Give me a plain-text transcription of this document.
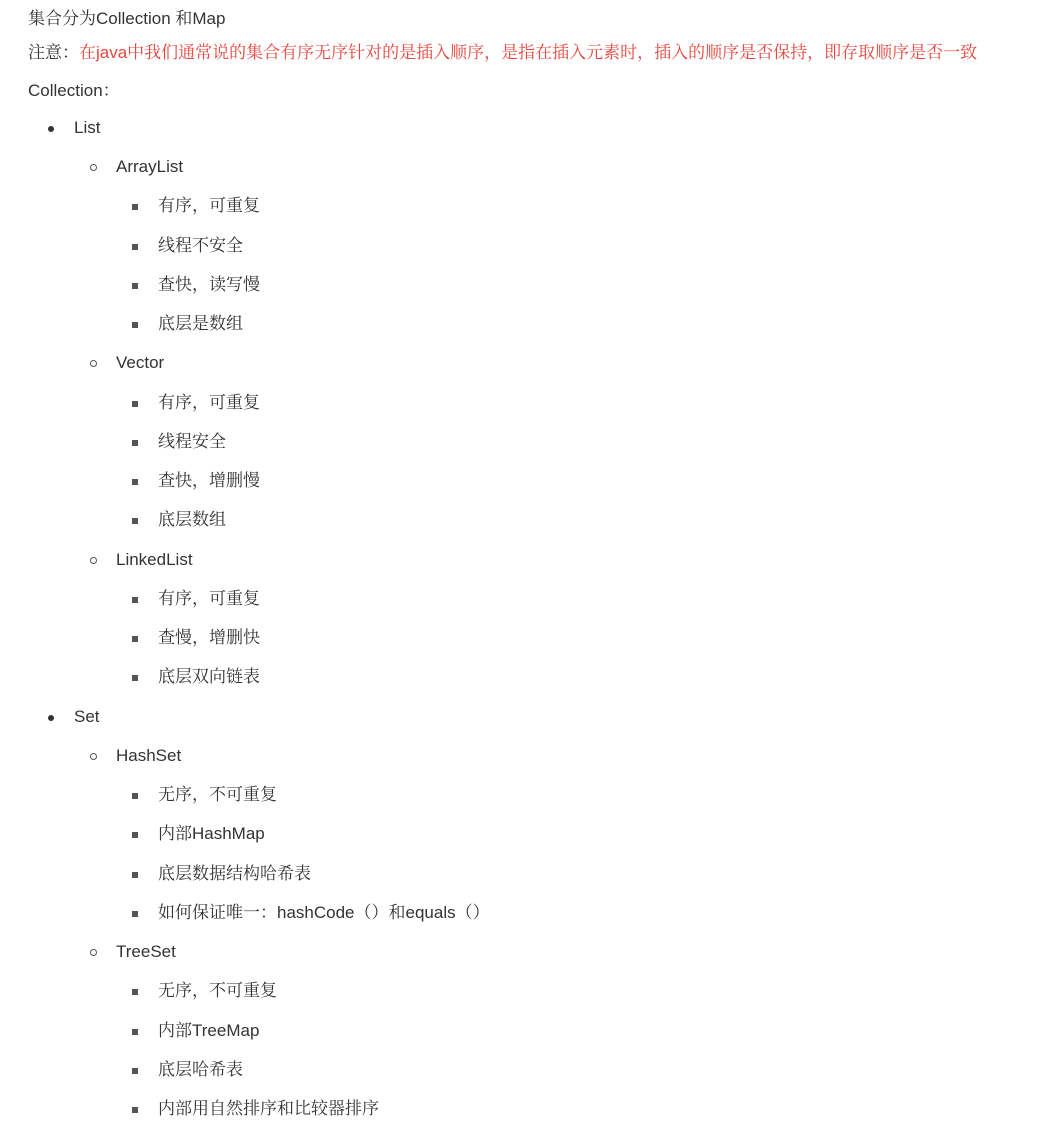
集合分为Collection 和Map

注意：在java中我们通常说的集合有序无序针对的是插入顺序，是指在插入元素时，插入的顺序是否保持，即存取顺序是否一致

Collection：

List
ArrayList
有序，可重复
线程不安全
查快，读写慢
底层是数组
Vector
有序，可重复
线程安全
查快，增删慢
底层数组
LinkedList
有序，可重复
查慢，增删快
底层双向链表
Set
HashSet
无序，不可重复
内部HashMap
底层数据结构哈希表
如何保证唯一：hashCode（）和equals（）
TreeSet
无序，不可重复
内部TreeMap
底层哈希表
内部用自然排序和比较器排序
